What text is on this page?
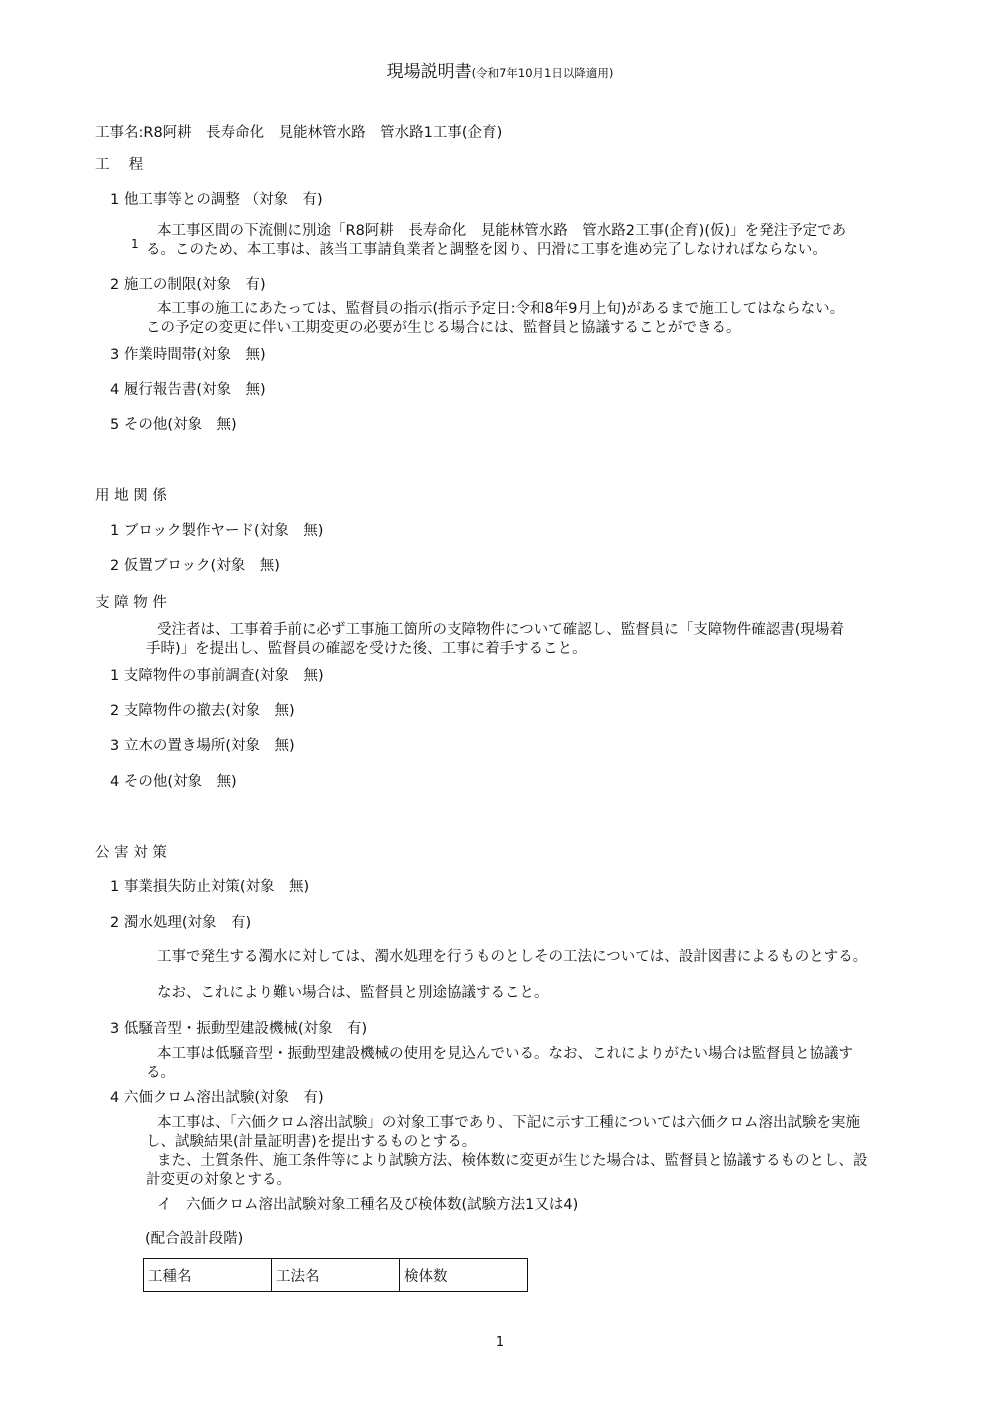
現場説明書(令和7年10月1日以降適用)
工事名:R8阿耕　長寿命化　見能林管水路　管水路1工事(企育)
工　 程
1 他工事等との調整 （対象　有)
1
本工事区間の下流側に別途「R8阿耕　長寿命化　見能林管水路　管水路2工事(企育)(仮)」を発注予定であ
る。このため、本工事は、該当工事請負業者と調整を図り、円滑に工事を進め完了しなければならない。
2 施工の制限(対象　有)
本工事の施工にあたっては、監督員の指示(指示予定日:令和8年9月上旬)があるまで施工してはならない。
この予定の変更に伴い工期変更の必要が生じる場合には、監督員と協議することができる。
3 作業時間帯(対象　無)
4 履行報告書(対象　無)
5 その他(対象　無)
用 地 関 係
1 ブロック製作ヤード(対象　無)
2 仮置ブロック(対象　無)
支 障 物 件
受注者は、工事着手前に必ず工事施工箇所の支障物件について確認し、監督員に「支障物件確認書(現場着
手時)」を提出し、監督員の確認を受けた後、工事に着手すること。
1 支障物件の事前調査(対象　無)
2 支障物件の撤去(対象　無)
3 立木の置き場所(対象　無)
4 その他(対象　無)
公 害 対 策
1 事業損失防止対策(対象　無)
2 濁水処理(対象　有)
工事で発生する濁水に対しては、濁水処理を行うものとしその工法については、設計図書によるものとする。
なお、これにより難い場合は、監督員と別途協議すること。
3 低騒音型・振動型建設機械(対象　有)
本工事は低騒音型・振動型建設機械の使用を見込んでいる。なお、これによりがたい場合は監督員と協議す
る。
4 六価クロム溶出試験(対象　有)
本工事は、「六価クロム溶出試験」の対象工事であり、下記に示す工種については六価クロム溶出試験を実施
し、試験結果(計量証明書)を提出するものとする。
また、土質条件、施工条件等により試験方法、検体数に変更が生じた場合は、監督員と協議するものとし、設
計変更の対象とする。
イ　六価クロム溶出試験対象工種名及び検体数(試験方法1又は4)
(配合設計段階)
工種名	工法名	検体数
1
